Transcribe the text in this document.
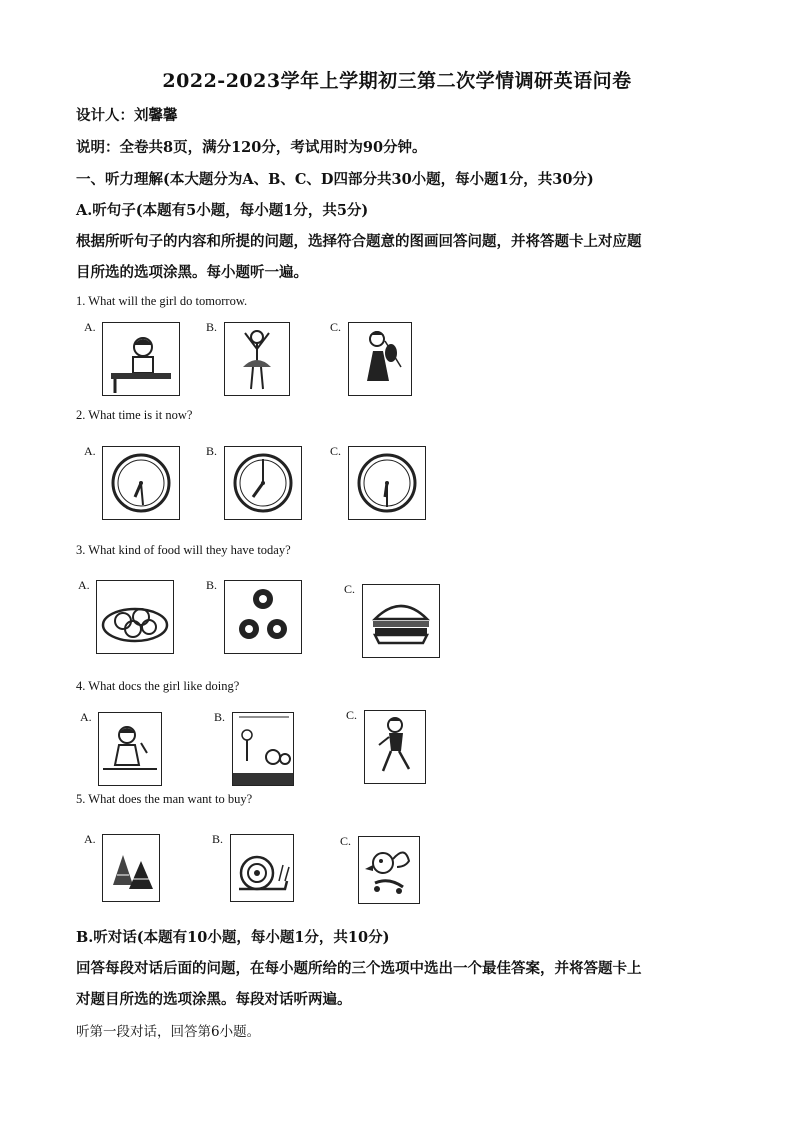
2022-2023学年上学期初三第二次学情调研英语问卷
设计人：刘馨馨
说明：全卷共8页，满分120分，考试用时为90分钟。
一、听力理解(本大题分为A、B、C、D四部分共30小题，每小题1分，共30分)
A.听句子(本题有5小题，每小题1分，共5分)
根据所听句子的内容和所提的问题，选择符合题意的图画回答问题，并将答题卡上对应题
目所选的选项涂黑。每小题听一遍。
1. What will the girl do tomorrow.
A.	B.	C.
2. What time is it now?
A.	B.	C.
3. What kind of food will they have today?
A.	B.	C.
4. What docs the girl like doing?
A.	B.	C.
5. What does the man want to buy?
A.	B.	C.
B.听对话(本题有10小题，每小题1分，共10分)
回答每段对话后面的问题，在每小题所给的三个选项中选出一个最佳答案，并将答题卡上
对题目所选的选项涂黑。每段对话听两遍。
听第一段对话，回答第6小题。
